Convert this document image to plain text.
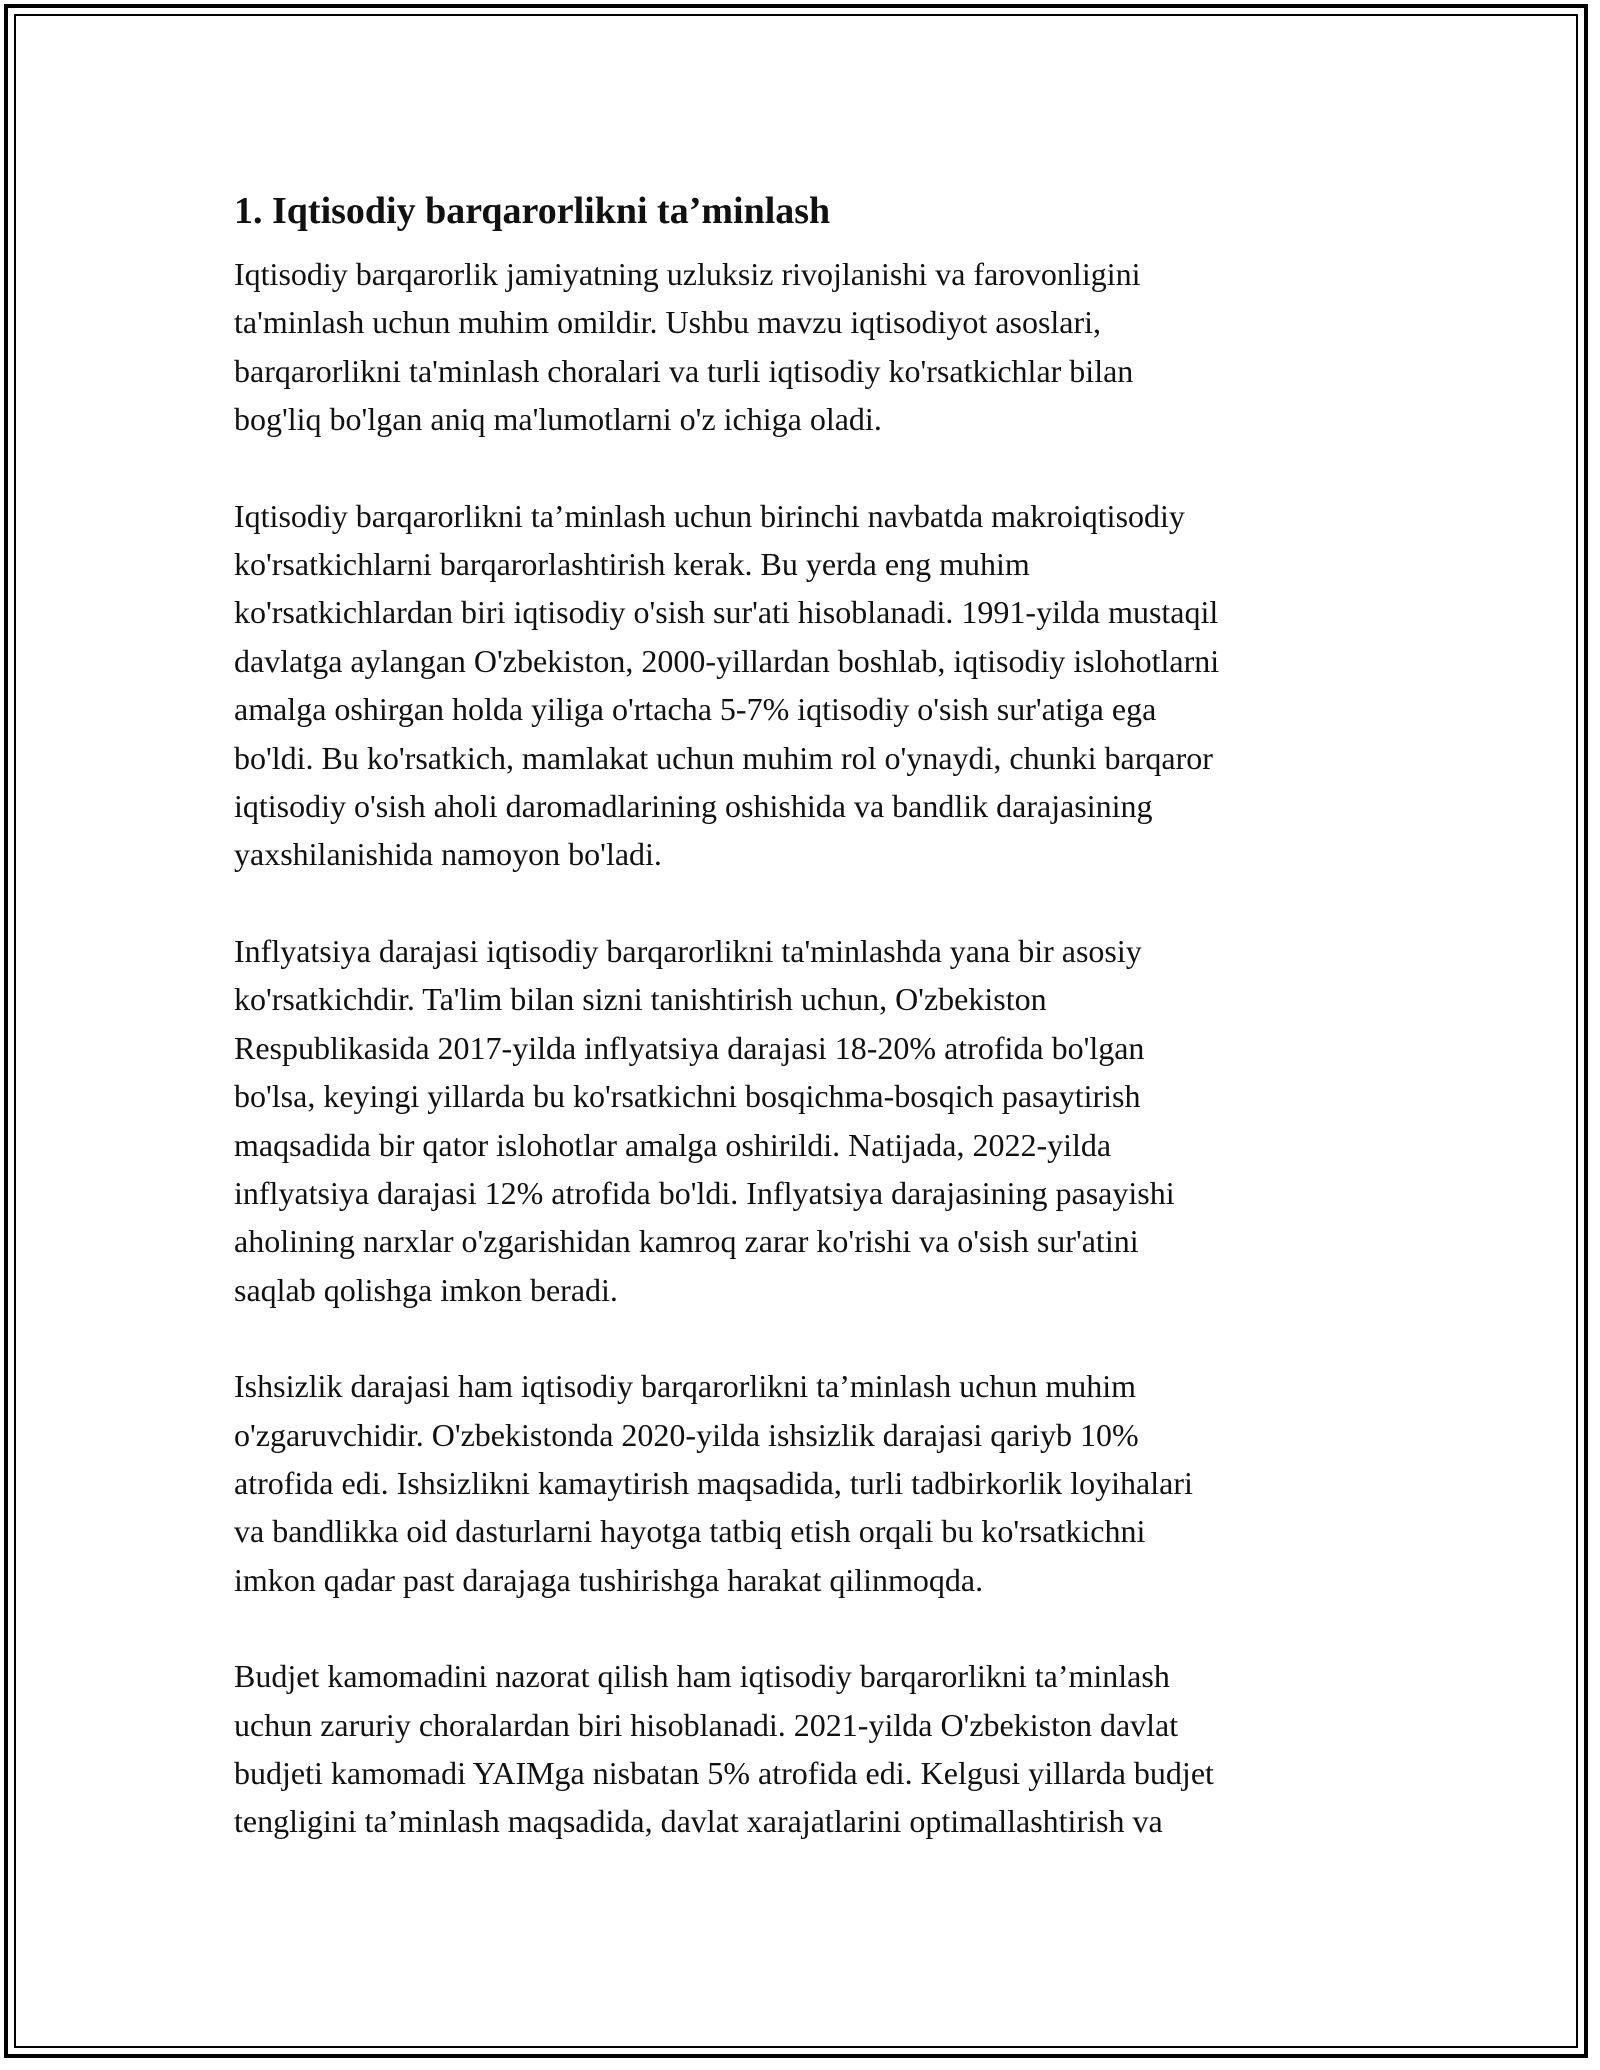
1. Iqtisodiy barqarorlikni ta’minlash
Iqtisodiy barqarorlik jamiyatning uzluksiz rivojlanishi va farovonligini
ta'minlash uchun muhim omildir. Ushbu mavzu iqtisodiyot asoslari,
barqarorlikni ta'minlash choralari va turli iqtisodiy ko'rsatkichlar bilan
bog'liq bo'lgan aniq ma'lumotlarni o'z ichiga oladi.
Iqtisodiy barqarorlikni ta’minlash uchun birinchi navbatda makroiqtisodiy
ko'rsatkichlarni barqarorlashtirish kerak. Bu yerda eng muhim
ko'rsatkichlardan biri iqtisodiy o'sish sur'ati hisoblanadi. 1991-yilda mustaqil
davlatga aylangan O'zbekiston, 2000-yillardan boshlab, iqtisodiy islohotlarni
amalga oshirgan holda yiliga o'rtacha 5-7% iqtisodiy o'sish sur'atiga ega
bo'ldi. Bu ko'rsatkich, mamlakat uchun muhim rol o'ynaydi, chunki barqaror
iqtisodiy o'sish aholi daromadlarining oshishida va bandlik darajasining
yaxshilanishida namoyon bo'ladi.
Inflyatsiya darajasi iqtisodiy barqarorlikni ta'minlashda yana bir asosiy
ko'rsatkichdir. Ta'lim bilan sizni tanishtirish uchun, O'zbekiston
Respublikasida 2017-yilda inflyatsiya darajasi 18-20% atrofida bo'lgan
bo'lsa, keyingi yillarda bu ko'rsatkichni bosqichma-bosqich pasaytirish
maqsadida bir qator islohotlar amalga oshirildi. Natijada, 2022-yilda
inflyatsiya darajasi 12% atrofida bo'ldi. Inflyatsiya darajasining pasayishi
aholining narxlar o'zgarishidan kamroq zarar ko'rishi va o'sish sur'atini
saqlab qolishga imkon beradi.
Ishsizlik darajasi ham iqtisodiy barqarorlikni ta’minlash uchun muhim
o'zgaruvchidir. O'zbekistonda 2020-yilda ishsizlik darajasi qariyb 10%
atrofida edi. Ishsizlikni kamaytirish maqsadida, turli tadbirkorlik loyihalari
va bandlikka oid dasturlarni hayotga tatbiq etish orqali bu ko'rsatkichni
imkon qadar past darajaga tushirishga harakat qilinmoqda.
Budjet kamomadini nazorat qilish ham iqtisodiy barqarorlikni ta’minlash
uchun zaruriy choralardan biri hisoblanadi. 2021-yilda O'zbekiston davlat
budjeti kamomadi YAIMga nisbatan 5% atrofida edi. Kelgusi yillarda budjet
tengligini ta’minlash maqsadida, davlat xarajatlarini optimallashtirish va
